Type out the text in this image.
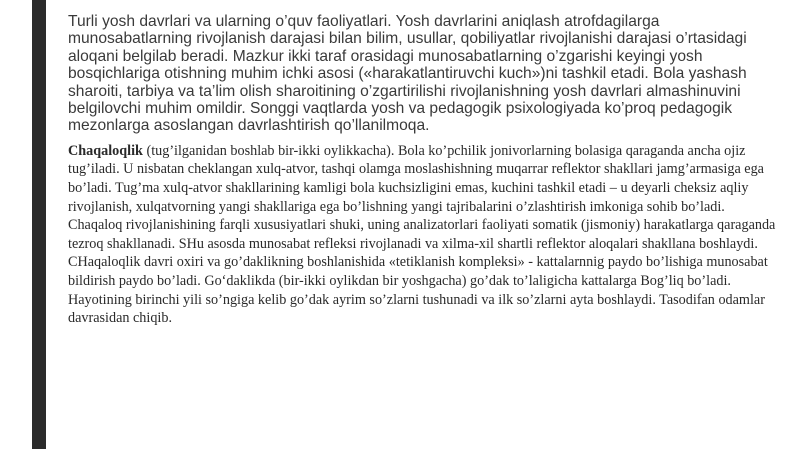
Turli yosh davrlari va ularning o’quv faoliyatlari. Yosh davrlarini aniqlash atrofdagilarga munosabatlarning rivojlanish darajasi bilan bilim, usullar, qobiliyatlar rivojlanishi darajasi o’rtasidagi aloqani belgilab beradi. Mazkur ikki taraf orasidagi munosabatlarning o’zgarishi keyingi yosh bosqichlariga otishning muhim ichki asosi («harakatlantiruvchi kuch»)ni tashkil etadi. Bola yashash sharoiti, tarbiya va ta’lim olish sharoitining o’zgartirilishi rivojlanishning yosh davrlari almashinuvini belgilovchi muhim omildir. Songgi vaqtlarda yosh va pedagogik psixologiyada ko’proq pedagogik mezonlarga asoslangan davrlashtirish qo’llanilmoqa.

Chaqaloqlik (tug’ilganidan boshlab bir-ikki oylikkacha). Bola ko’pchilik jonivorlarning bolasiga qaraganda ancha ojiz tug’iladi. U nisbatan cheklangan xulq-atvor, tashqi olamga moslashishning muqarrar reflektor shakllari jamg’armasiga ega bo’ladi. Tug’ma xulq-atvor shakllarining kamligi bola kuchsizligini emas, kuchini tashkil etadi – u deyarli cheksiz aqliy rivojlanish, xulqatvorning yangi shakllariga ega bo’lishning yangi tajribalarini o’zlashtirish imkoniga sohib bo’ladi. Chaqaloq rivojlanishining farqli xususiyatlari shuki, uning analizatorlari faoliyati somatik (jismoniy) harakatlarga qaraganda tezroq shakllanadi. SHu asosda munosabat refleksi rivojlanadi va xilma-xil shartli reflektor aloqalari shakllana boshlaydi. CHaqaloqlik davri oxiri va go’daklikning boshlanishida «tetiklanish kompleksi» - kattalarnnig paydo bo’lishiga munosabat bildirish paydo bo’ladi. Go‘daklikda (bir-ikki oylikdan bir yoshgacha) go’dak to’laligicha kattalarga Bog’liq bo’ladi. Hayotining birinchi yili so’ngiga kelib go’dak ayrim so’zlarni tushunadi va ilk so’zlarni ayta boshlaydi. Tasodifan odamlar davrasidan chiqib.
